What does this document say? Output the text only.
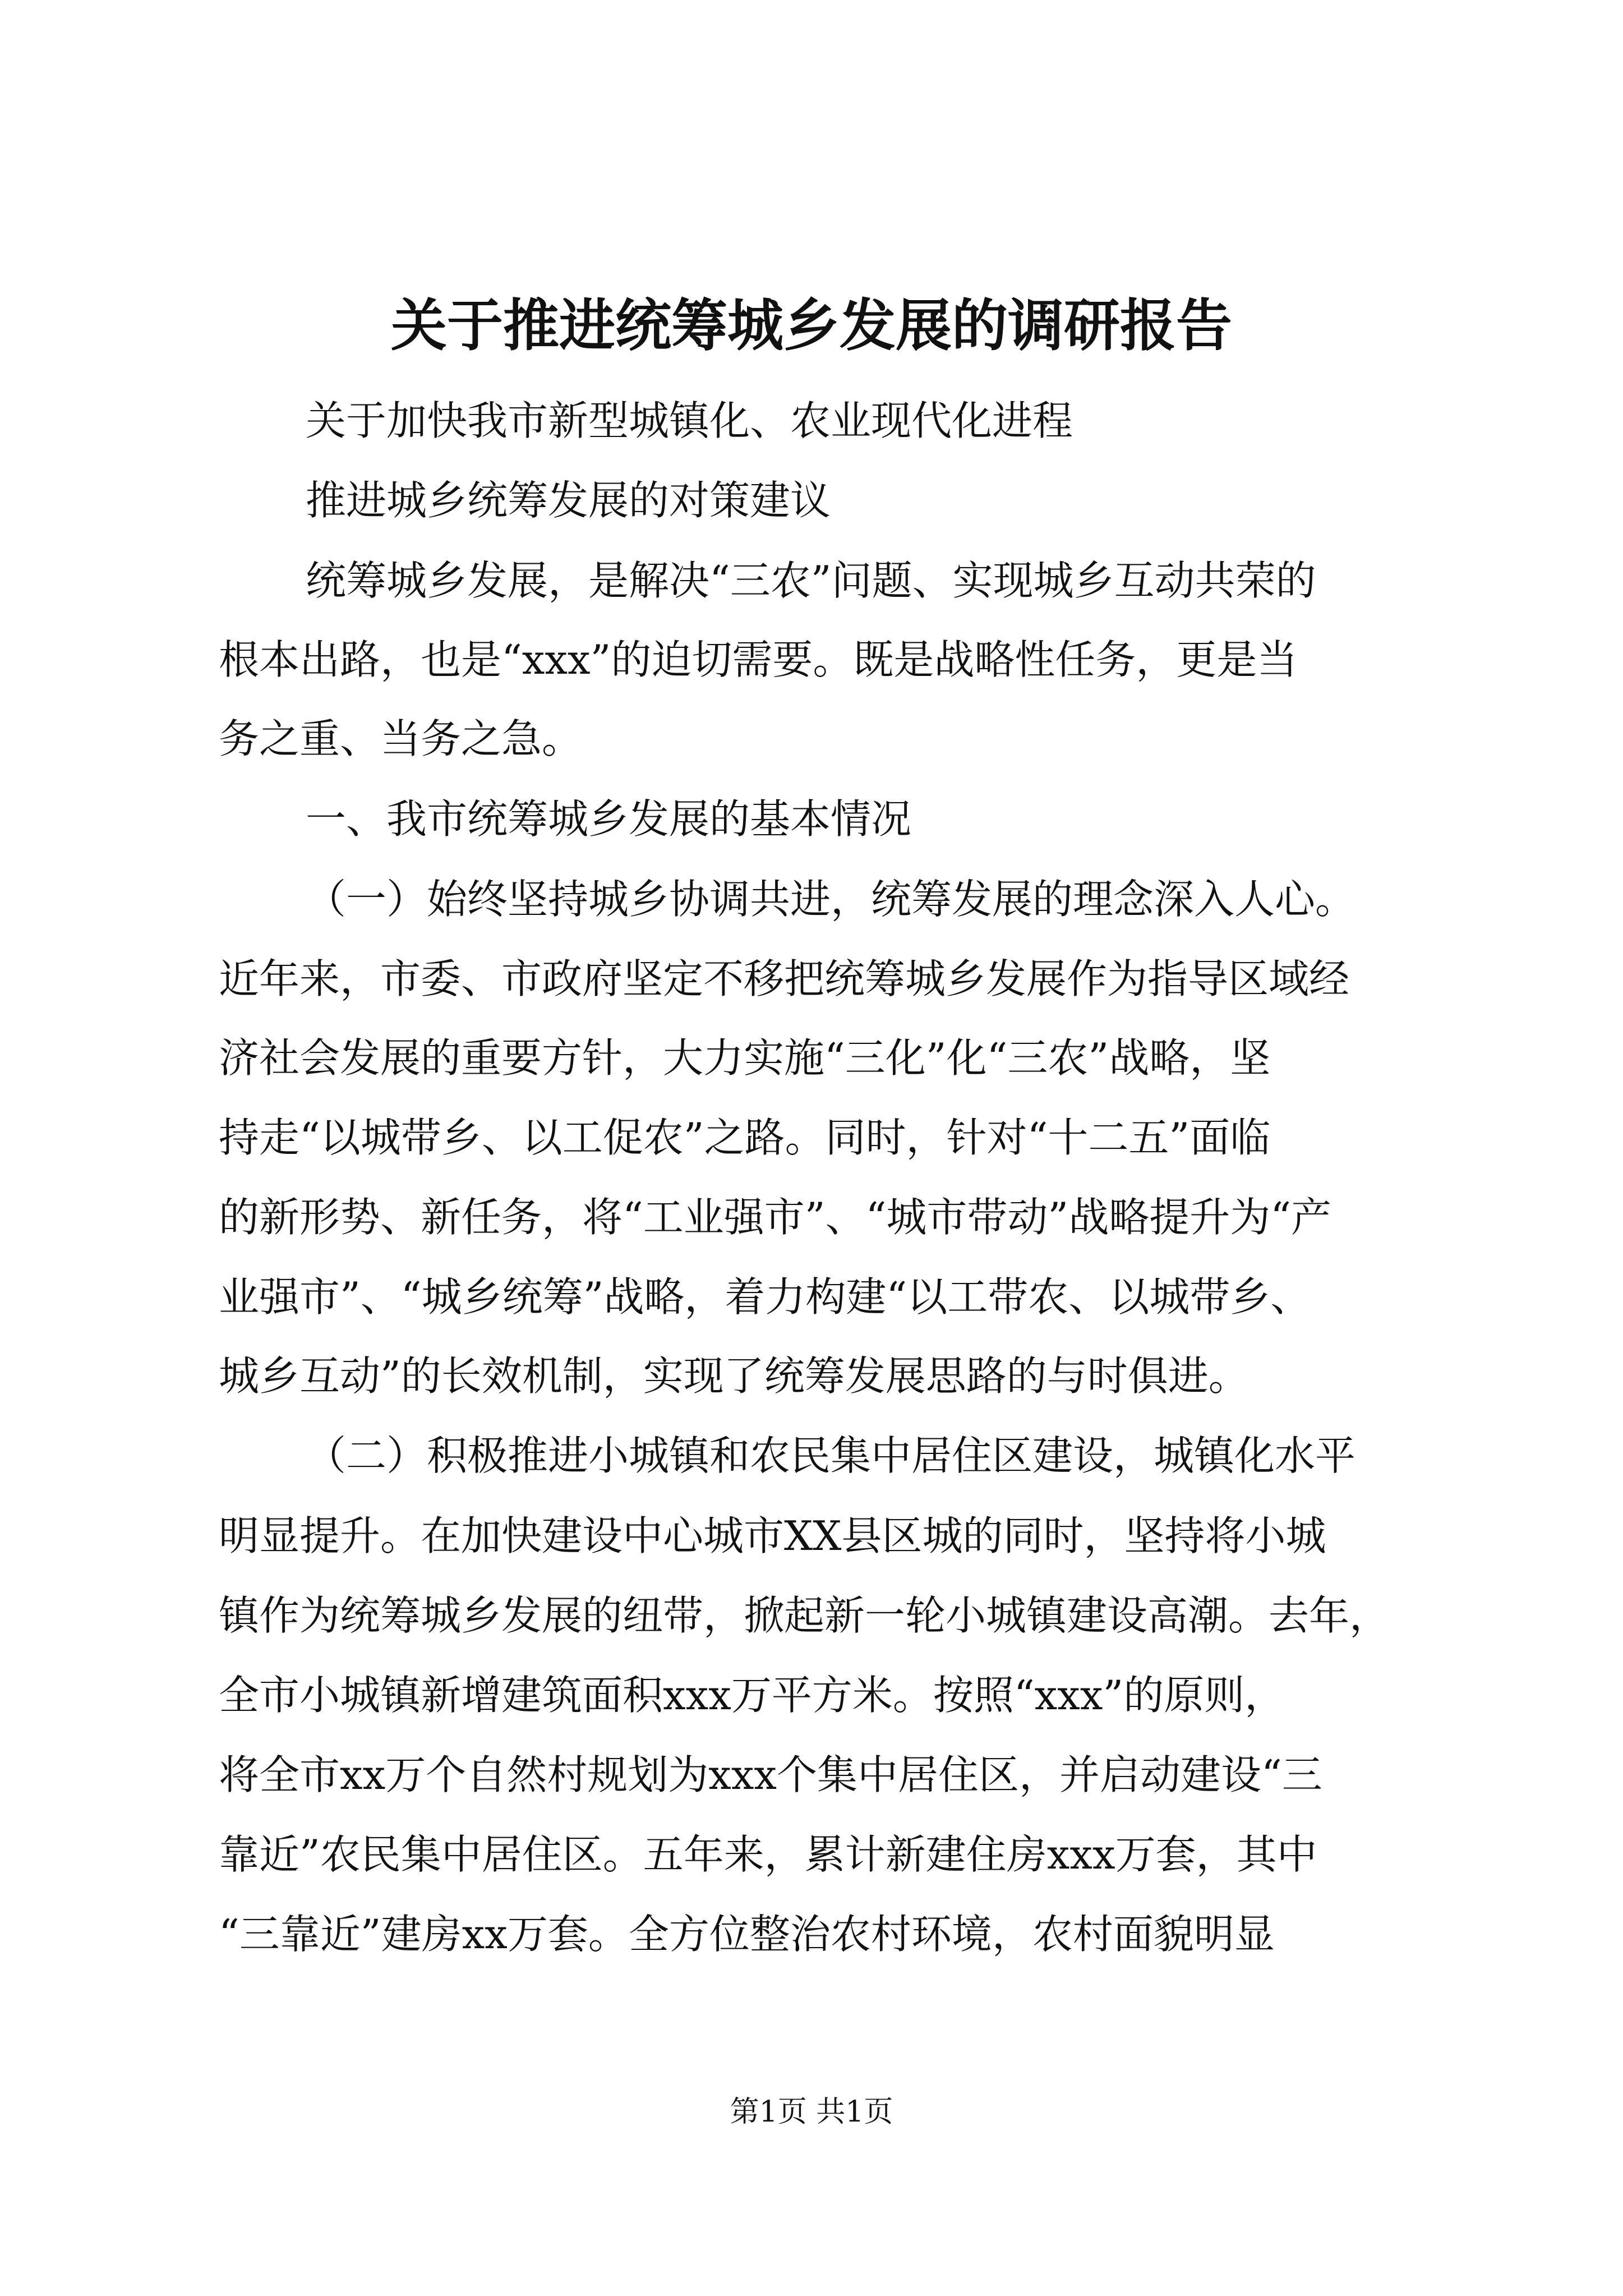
关于推进统筹城乡发展的调研报告
关于加快我市新型城镇化、农业现代化进程
推进城乡统筹发展的对策建议
统筹城乡发展，是解决“三农”问题、实现城乡互动共荣的
根本出路，也是“xxx”的迫切需要。既是战略性任务，更是当
务之重、当务之急。
一、我市统筹城乡发展的基本情况
（一）始终坚持城乡协调共进，统筹发展的理念深入人心。
近年来，市委、市政府坚定不移把统筹城乡发展作为指导区域经
济社会发展的重要方针，大力实施“三化”化“三农”战略，坚
持走“以城带乡、以工促农”之路。同时，针对“十二五”面临
的新形势、新任务，将“工业强市”、“城市带动”战略提升为“产
业强市”、“城乡统筹”战略，着力构建“以工带农、以城带乡、
城乡互动”的长效机制，实现了统筹发展思路的与时俱进。
（二）积极推进小城镇和农民集中居住区建设，城镇化水平
明显提升。在加快建设中心城市XX县区城的同时，坚持将小城
镇作为统筹城乡发展的纽带，掀起新一轮小城镇建设高潮。去年，
全市小城镇新增建筑面积xxx万平方米。按照“xxx”的原则，
将全市xx万个自然村规划为xxx个集中居住区，并启动建设“三
靠近”农民集中居住区。五年来，累计新建住房xxx万套，其中
“三靠近”建房xx万套。全方位整治农村环境，农村面貌明显
第1页 共1页
